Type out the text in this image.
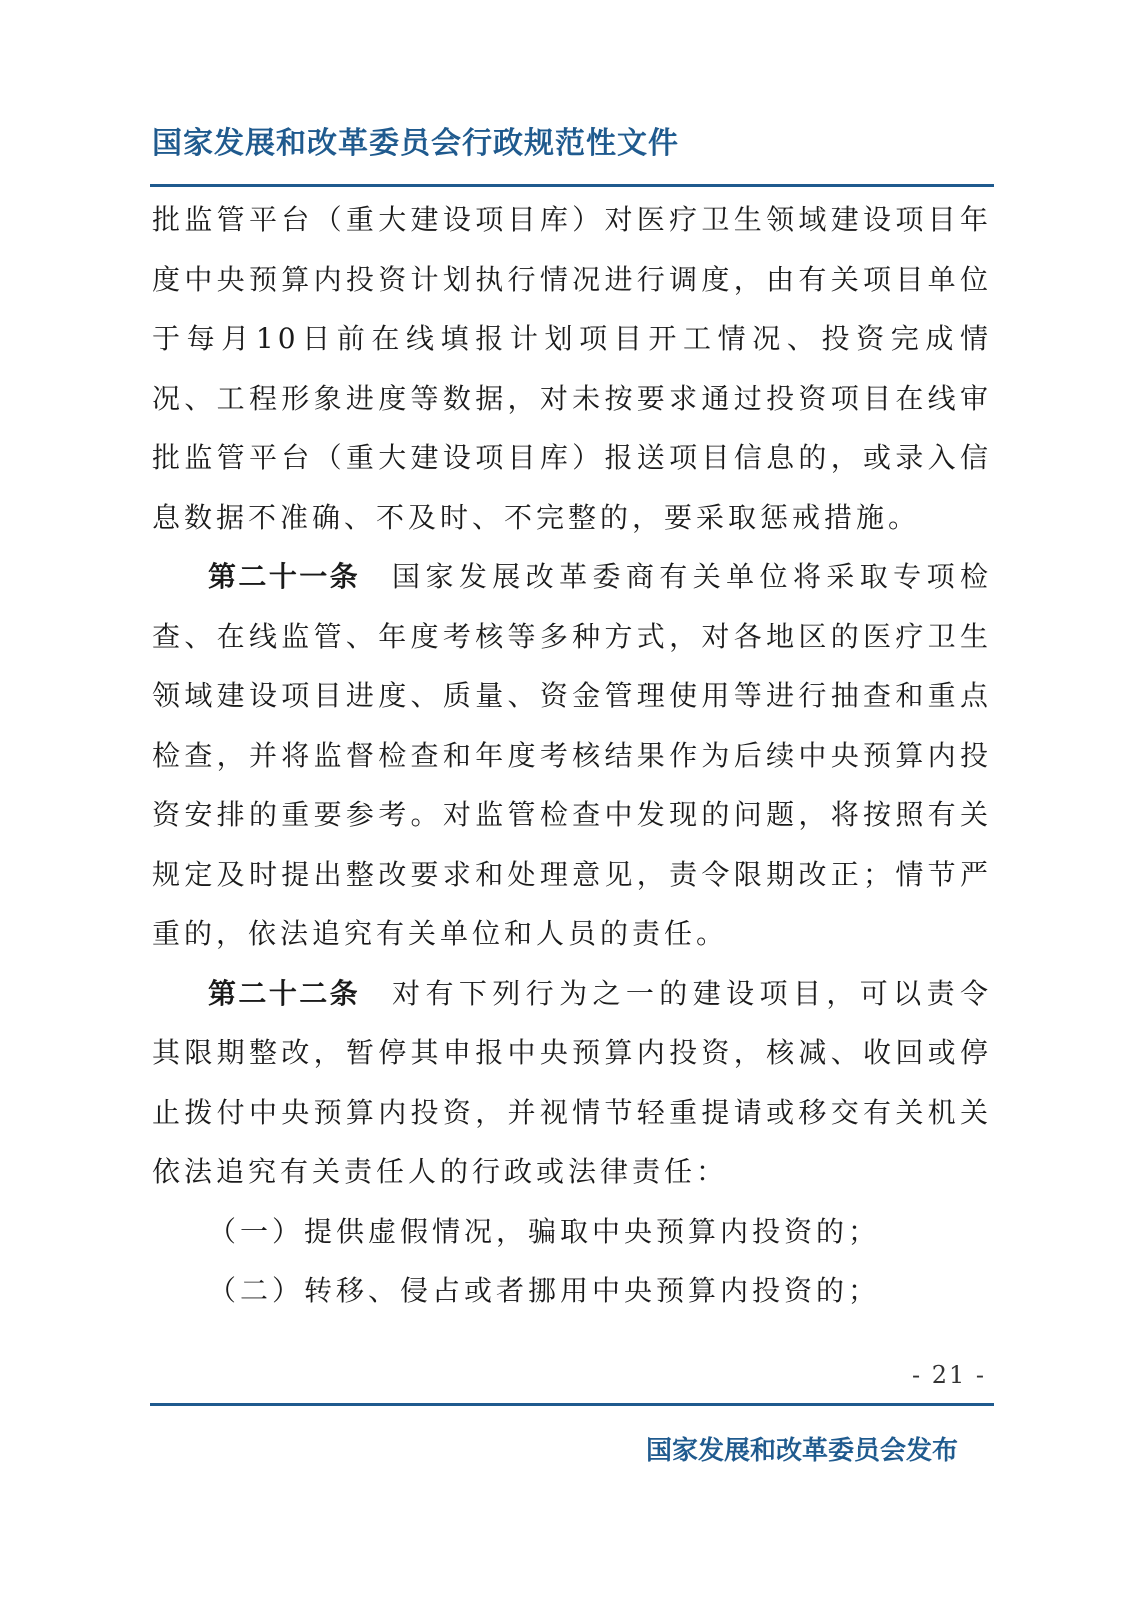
国家发展和改革委员会行政规范性文件

批监管平台（重大建设项目库）对医疗卫生领域建设项目年度中央预算内投资计划执行情况进行调度，由有关项目单位于每月10日前在线填报计划项目开工情况、投资完成情况、工程形象进度等数据，对未按要求通过投资项目在线审批监管平台（重大建设项目库）报送项目信息的，或录入信息数据不准确、不及时、不完整的，要采取惩戒措施。

第二十一条 国家发展改革委商有关单位将采取专项检查、在线监管、年度考核等多种方式，对各地区的医疗卫生领域建设项目进度、质量、资金管理使用等进行抽查和重点检查，并将监督检查和年度考核结果作为后续中央预算内投资安排的重要参考。对监管检查中发现的问题，将按照有关规定及时提出整改要求和处理意见，责令限期改正；情节严重的，依法追究有关单位和人员的责任。

第二十二条 对有下列行为之一的建设项目，可以责令其限期整改，暂停其申报中央预算内投资，核减、收回或停止拨付中央预算内投资，并视情节轻重提请或移交有关机关依法追究有关责任人的行政或法律责任：

（一）提供虚假情况，骗取中央预算内投资的；

（二）转移、侵占或者挪用中央预算内投资的；

- 21 -
国家发展和改革委员会发布
